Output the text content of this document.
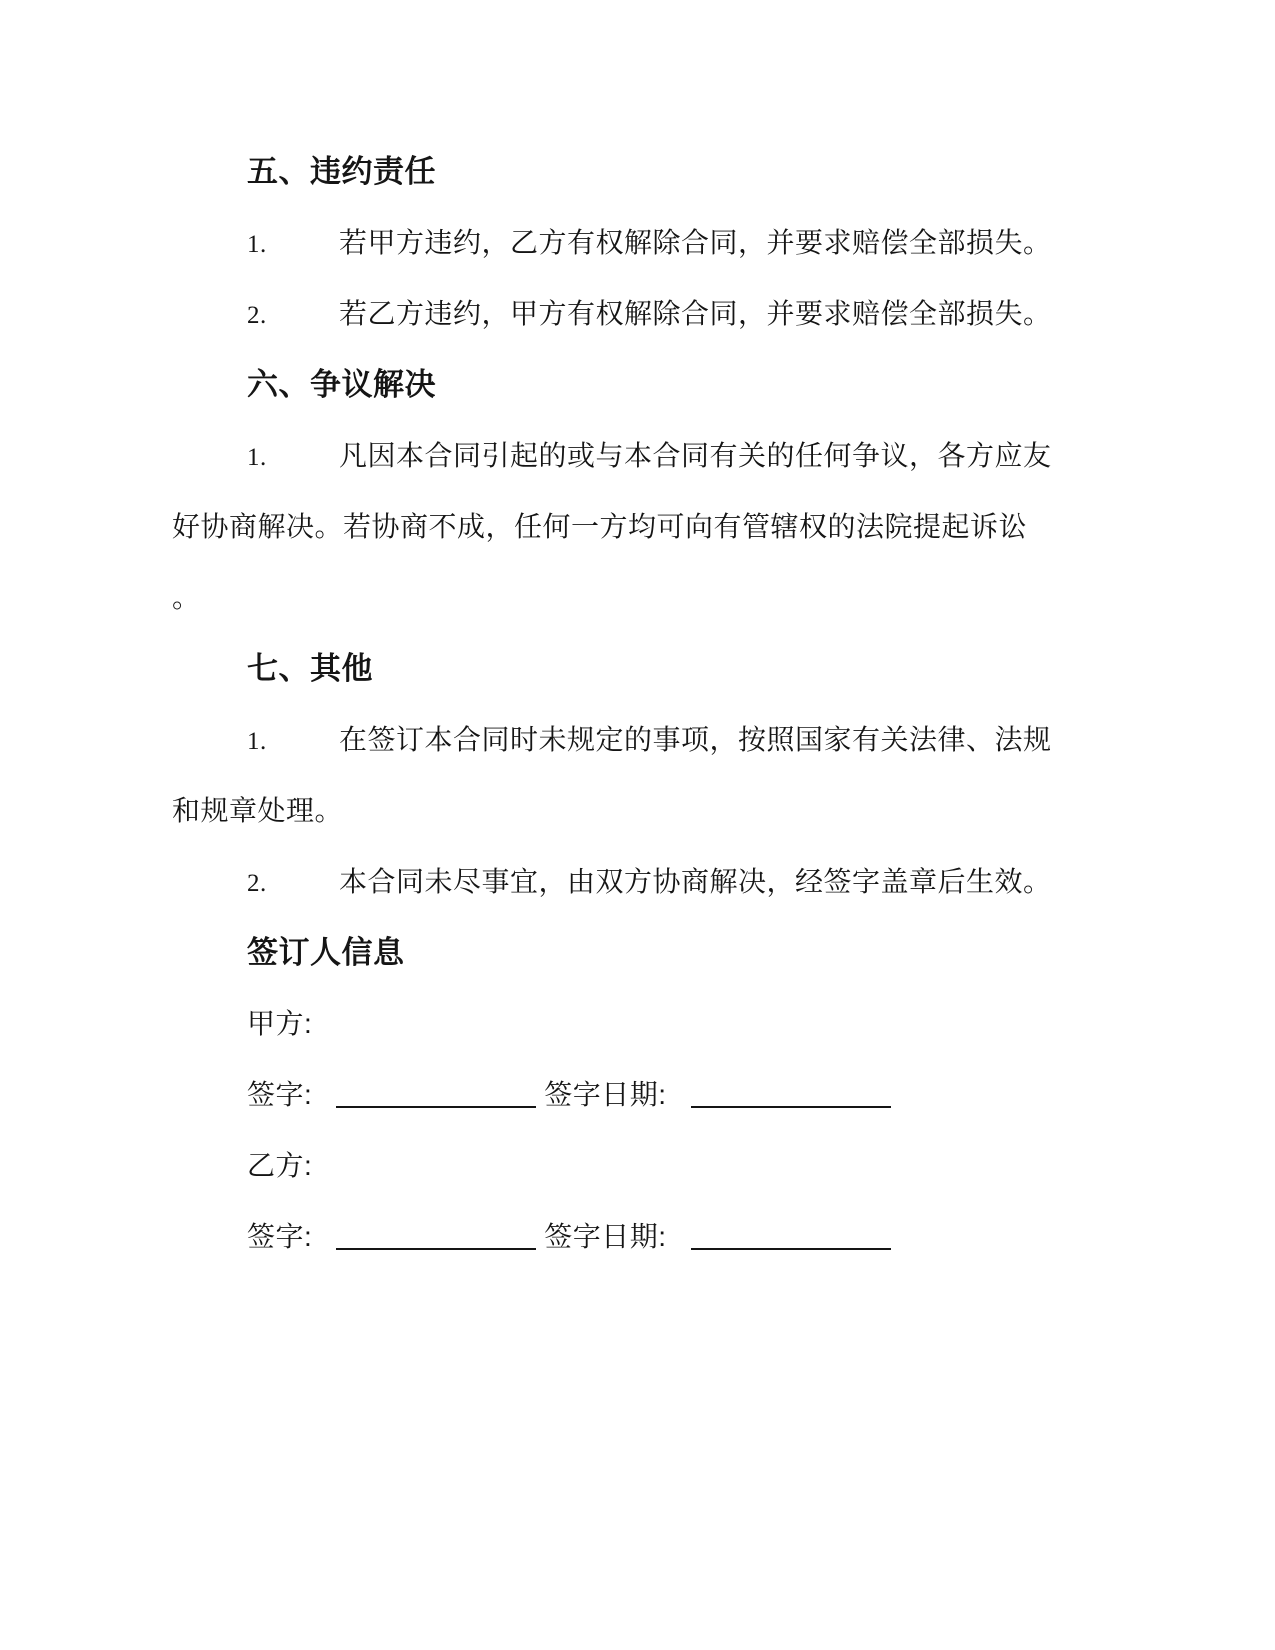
五、违约责任
1.	若甲方违约，乙方有权解除合同，并要求赔偿全部损失。
2.	若乙方违约，甲方有权解除合同，并要求赔偿全部损失。
六、争议解决
1.	凡因本合同引起的或与本合同有关的任何争议，各方应友
好协商解决。若协商不成，任何一方均可向有管辖权的法院提起诉讼
。
七、其他
1.	在签订本合同时未规定的事项，按照国家有关法律、法规
和规章处理。
2.	本合同未尽事宜，由双方协商解决，经签字盖章后生效。
签订人信息
甲方:
签字:	签字日期:
乙方:
签字:	签字日期:
